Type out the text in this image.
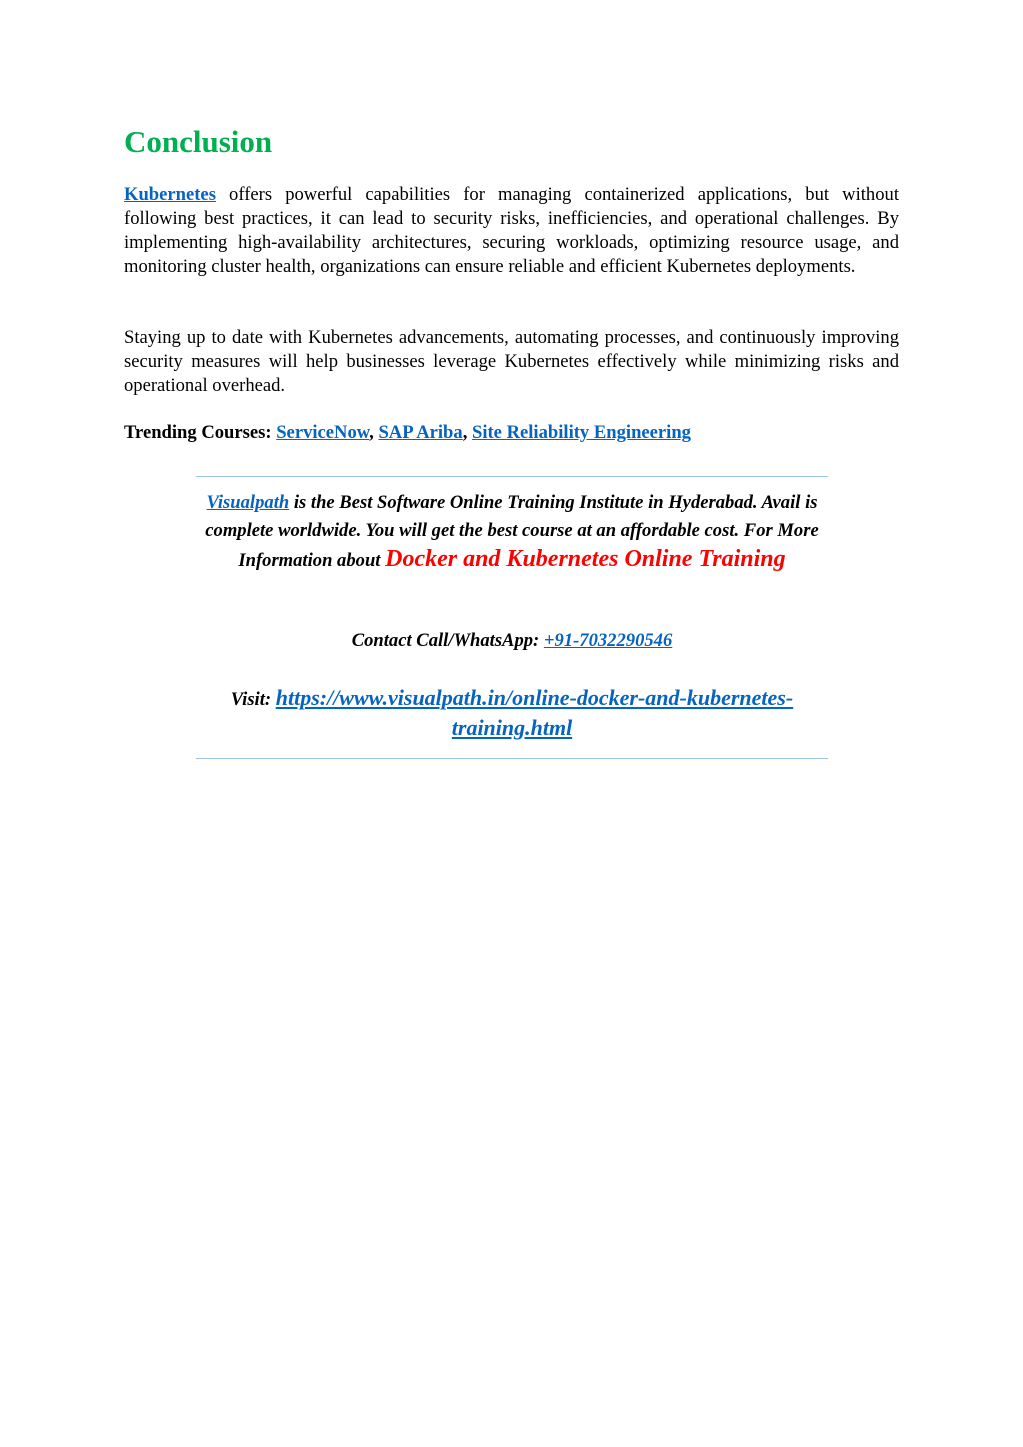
Conclusion

Kubernetes offers powerful capabilities for managing containerized applications, but without following best practices, it can lead to security risks, inefficiencies, and operational challenges. By implementing high-availability architectures, securing workloads, optimizing resource usage, and monitoring cluster health, organizations can ensure reliable and efficient Kubernetes deployments.

Staying up to date with Kubernetes advancements, automating processes, and continuously improving security measures will help businesses leverage Kubernetes effectively while minimizing risks and operational overhead.

Trending Courses: ServiceNow, SAP Ariba, Site Reliability Engineering

Visualpath is the Best Software Online Training Institute in Hyderabad. Avail is complete worldwide. You will get the best course at an affordable cost. For More Information about Docker and Kubernetes Online Training
Contact Call/WhatsApp: +91-7032290546
Visit: https://www.visualpath.in/online-docker-and-kubernetes-training.html
